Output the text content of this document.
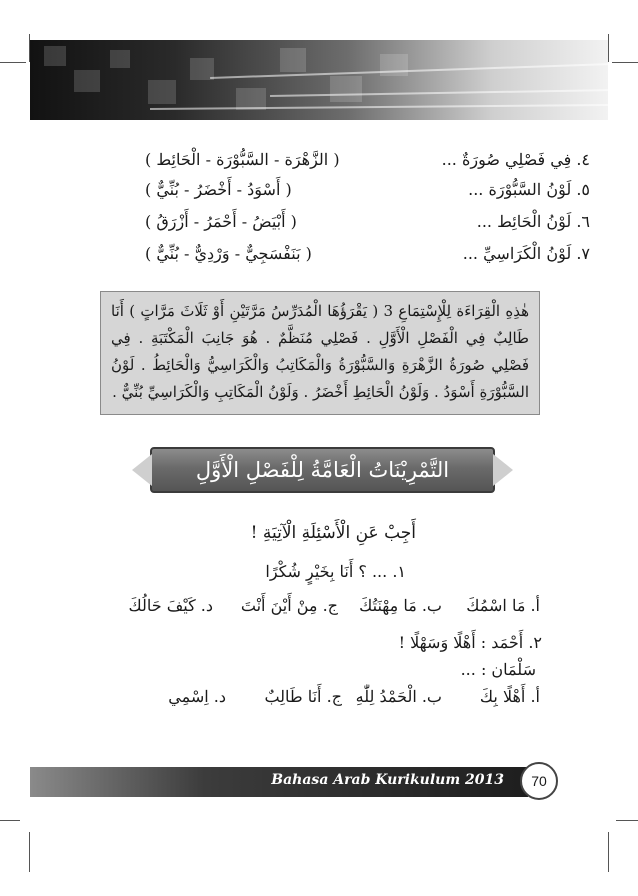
٤. فِي فَصْلِي صُورَةٌ ...
( الزَّهْرَة - السَّبُّوْرَة - الْحَائِط )
٥. لَوْنُ السَّبُّوْرَة ...
( أَسْوَدُ - أَخْضَرُ - بُنِّيٌّ )
٦. لَوْنُ الْحَائِط ...
( أَبْيَضُ - أَحْمَرُ - أَزْرَقُ )
٧. لَوْنُ الْكَرَاسِيِّ ...
( بَنَفْسَجِيٌّ - وَرْدِيٌّ - بُنِّيٌّ )
هٰذِهِ الْقِرَاءَة لِلْإِسْتِمَاعِ 3 ( يَقْرَؤُهَا الْمُدَرِّسُ مَرَّتَيْنِ أَوْ ثَلَاثَ مَرَّاتٍ ) أَنَا طَالِبٌ فِي الْفَصْلِ الْأَوَّلِ . فَصْلِي مُنَظَّمٌ . هُوَ جَانِبَ الْمَكْتَبَةِ . فِي فَصْلِي صُورَةُ الزَّهْرَةِ وَالسَّبُّوْرَةُ وَالْمَكَاتِبُ وَالْكَرَاسِيُّ وَالْحَائِطُ . لَوْنُ السَّبُّوْرَةِ أَسْوَدُ . وَلَوْنُ الْحَائِطِ أَخْضَرُ . وَلَوْنُ الْمَكَاتِبِ وَالْكَرَاسِيِّ بُنِّيٌّ .
التَّمْرِيْنَاتُ الْعَامَّةُ لِلْفَصْلِ الْأَوَّلِ
أَجِبْ عَنِ الْأَسْئِلَةِ الْآتِيَةِ !
١. ... ؟ أَنَا بِخَيْرٍ شُكْرًا
أ. مَا اسْمُكَ
ب. مَا مِهْنَتُكَ
ج. مِنْ أَيْنَ أَنْتَ
د. كَيْفَ حَالُكَ
٢. أَحْمَد : أَهْلًا وَسَهْلًا !
سَلْمَان : ...
أ. أَهْلًا بِكَ
ب. الْحَمْدُ لِلّٰهِ
ج. أَنَا طَالِبٌ
د. اِسْمِي
Bahasa Arab Kurikulum 2013	70
